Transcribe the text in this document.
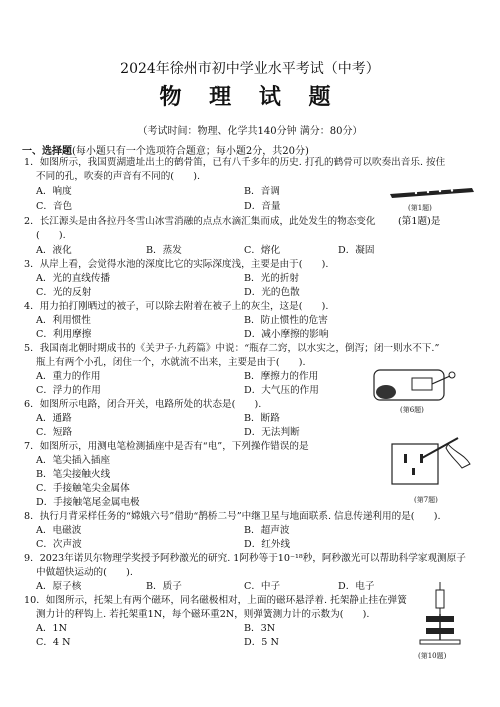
2024年徐州市初中学业水平考试（中考）
物 理 试 题
（考试时间：物理、化学共140分钟 满分：80分）
一、选择题(每小题只有一个选项符合题意；每小题2分，共20分)
1．如图所示，我国贾湖遗址出土的鹤骨笛，已有八千多年的历史. 打孔的鹤骨可以吹奏出音乐. 按住
不同的孔，吹奏的声音有不同的(　　).
A．响度	B．音调
C．音色	D．音量	(第1题)
2．长江源头是由各拉丹冬雪山冰雪消融的点点水滴汇集而成，此处发生的物态变化 (第1题)是
(　　).
A．液化	B．蒸发	C．熔化	D．凝固
3．从岸上看，会觉得水池的深度比它的实际深度浅，主要是由于(　　).
A．光的直线传播	B．光的折射
C．光的反射	D．光的色散
4．用力拍打刚晒过的被子，可以除去附着在被子上的灰尘，这是(　　).
A．利用惯性	B．防止惯性的危害
C．利用摩擦	D．减小摩擦的影响
5．我国南北朝时期成书的《关尹子·九药篇》中说：“瓶存二窍，以水实之，倒泻；闭一则水不下.”
瓶上有两个小孔，闭住一个，水就流不出来，主要是由于(　　).
A．重力的作用	B．摩擦力的作用
C．浮力的作用	D．大气压的作用
(第6题)
6．如图所示电路，闭合开关，电路所处的状态是(　　).
A．通路	B．断路
C．短路	D．无法判断
7．如图所示，用测电笔检测插座中是否有“电”，下列操作错误的是
A．笔尖插入插座
B．笔尖接触火线
C．手接触笔尖金属体
D．手接触笔尾金属电极	(第7题)
8．执行月背采样任务的“嫦娥六号”借助“鹊桥二号”中继卫星与地面联系. 信息传递利用的是(　　).
A．电磁波	B．超声波
C．次声波	D．红外线
9．2023年诺贝尔物理学奖授予阿秒激光的研究. 1阿秒等于10⁻¹⁸秒，阿秒激光可以帮助科学家观测原子
中做超快运动的(　　).
A．原子核	B．质子	C．中子	D．电子
10．如图所示，托架上有两个磁环，同名磁极相对，上面的磁环悬浮着. 托架静止挂在弹簧
测力计的秤钩上. 若托架重1N，每个磁环重2N，则弹簧测力计的示数为(　　).
A．1N	B．3N
C．4 N	D．5 N
(第10题)
